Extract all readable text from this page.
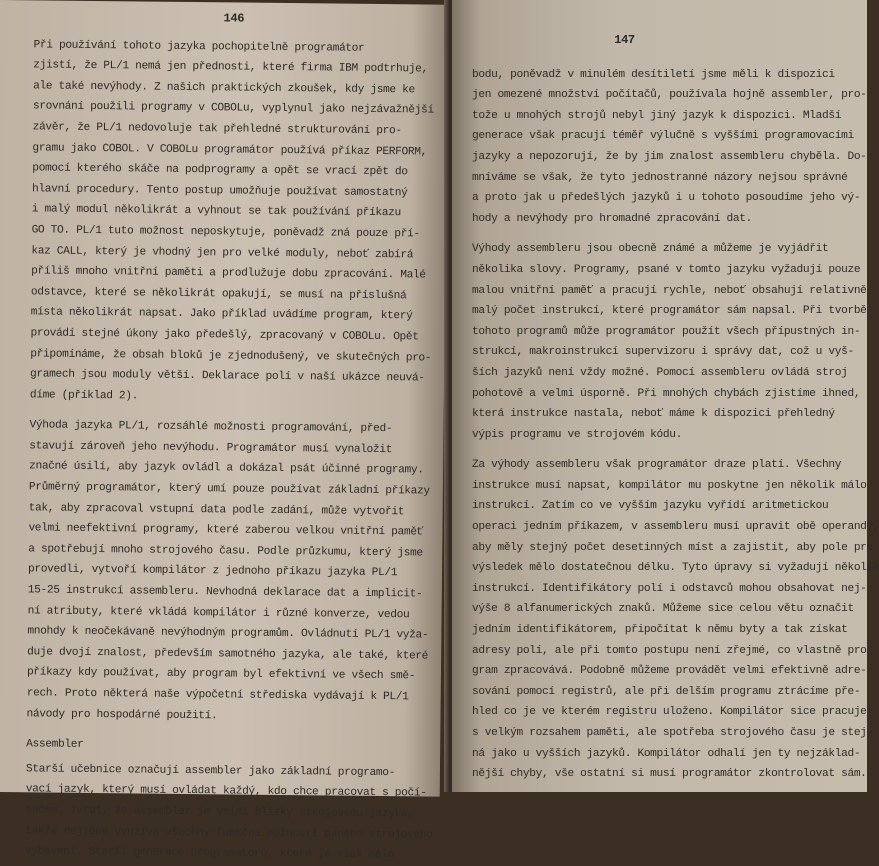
146
Při používání tohoto jazyka pochopitelně programátor
zjistí, že PL/1 nemá jen přednosti, které firma IBM podtrhuje,
ale také nevýhody. Z našich praktických zkoušek, kdy jsme ke
srovnání použili programy v COBOLu, vyplynul jako nejzávažnější
závěr, že PL/1 nedovoluje tak přehledné strukturování pro-
gramu jako COBOL. V COBOLu programátor používá příkaz PERFORM,
pomocí kterého skáče na podprogramy a opět se vrací zpět do
hlavní procedury. Tento postup umožňuje používat samostatný
i malý modul několikrát a vyhnout se tak používání příkazu
GO TO. PL/1 tuto možnost neposkytuje, poněvadž zná pouze pří-
kaz CALL, který je vhodný jen pro velké moduly, neboť zabírá
příliš mnoho vnitřní paměti a prodlužuje dobu zpracování. Malé
odstavce, které se několikrát opakují, se musí na příslušná
místa několikrát napsat. Jako příklad uvádíme program, který
provádí stejné úkony jako předešlý, zpracovaný v COBOLu. Opět
připomínáme, že obsah bloků je zjednodušený, ve skutečných pro-
gramech jsou moduly větší. Deklarace polí v naší ukázce neuvá-
díme (příklad 2).
Výhoda jazyka PL/1, rozsáhlé možnosti programování, před-
stavují zároveň jeho nevýhodu. Programátor musí vynaložit
značné úsilí, aby jazyk ovládl a dokázal psát účinné programy.
Průměrný programátor, který umí pouze používat základní příkazy
tak, aby zpracoval vstupní data podle zadání, může vytvořit
velmi neefektivní programy, které zaberou velkou vnitřní paměť
a spotřebují mnoho strojového času. Podle průzkumu, který jsme
provedli, vytvoří kompilátor z jednoho příkazu jazyka PL/1
15-25 instrukcí assembleru. Nevhodná deklarace dat a implicit-
ní atributy, které vkládá kompilátor i různé konverze, vedou
mnohdy k neočekávaně nevýhodným programům. Ovládnutí PL/1 vyža-
duje dvojí znalost, především samotného jazyka, ale také, které
příkazy kdy používat, aby program byl efektivní ve všech smě-
rech. Proto některá naše výpočetní střediska vydávají k PL/1
návody pro hospodárné použití.
Assembler
Starší učebnice označují assembler jako základní programo-
vací jazyk, který musí ovládat každý, kdo chce pracovat s počí-
tačem. Tvrdí, že assembler je velmi blízký strojovému jazyku,
takže nejlépe využívá všechny funkční možnosti daného strojového
vybavení. Starší generace programátorů, které je však málo
147
bodu, poněvadž v minulém desítiletí jsme měli k dispozici
jen omezené množství počítačů, používala hojně assembler, pro-
tože u mnohých strojů nebyl jiný jazyk k dispozici. Mladší
generace však pracují téměř výlučně s vyššími programovacími
jazyky a nepozorují, že by jim znalost assembleru chyběla. Do-
mníváme se však, že tyto jednostranné názory nejsou správné
a proto jak u předešlých jazyků i u tohoto posoudíme jeho vý-
hody a nevýhody pro hromadné zpracování dat.
Výhody assembleru jsou obecně známé a můžeme je vyjádřit
několika slovy. Programy, psané v tomto jazyku vyžadují pouze
malou vnitřní paměť a pracují rychle, neboť obsahují relativně
malý počet instrukcí, které programátor sám napsal. Při tvorbě
tohoto programů může programátor použít všech přípustných in-
strukcí, makroinstrukcí supervizoru i správy dat, což u vyš-
ších jazyků není vždy možné. Pomocí assembleru ovládá stroj
pohotově a velmi úsporně. Při mnohých chybách zjistíme ihned,
která instrukce nastala, neboť máme k dispozici přehledný
výpis programu ve strojovém kódu.
Za výhody assembleru však programátor draze platí. Všechny
instrukce musí napsat, kompilátor mu poskytne jen několik málo
instrukcí. Zatím co ve vyšším jazyku vyřídí aritmetickou
operaci jedním příkazem, v assembleru musí upravit obě operandy,
aby měly stejný počet desetinných míst a zajistit, aby pole pro
výsledek mělo dostatečnou délku. Tyto úpravy si vyžadují několik
instrukcí. Identifikátory polí i odstavců mohou obsahovat nej-
výše 8 alfanumerických znaků. Můžeme sice celou větu označit
jedním identifikátorem, připočítat k němu byty a tak získat
adresy polí, ale při tomto postupu není zřejmé, co vlastně pro-
gram zpracovává. Podobně můžeme provádět velmi efektivně adre-
sování pomocí registrů, ale při delším programu ztrácíme pře-
hled co je ve kterém registru uloženo. Kompilátor sice pracuje
s velkým rozsahem paměti, ale spotřeba strojového času je stej-
ná jako u vyšších jazyků. Kompilátor odhalí jen ty nejzáklad-
nější chyby, vše ostatní si musí programátor zkontrolovat sám.
